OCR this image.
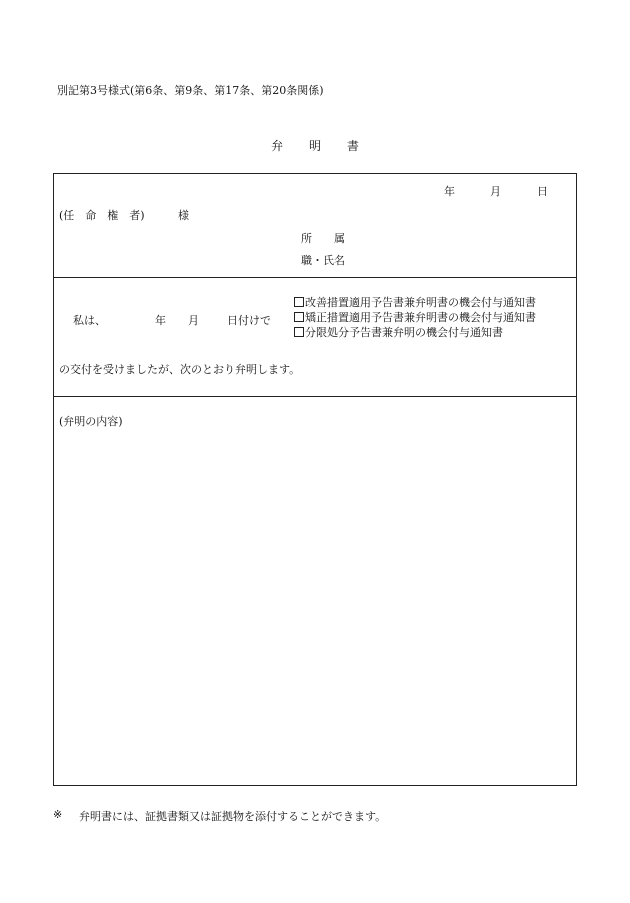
別記第3号様式(第6条、第9条、第17条、第20条関係)
弁 明 書
年	月	日
(任　命　権　者)	様
所　　属
職・氏名
私は、	年 月	日付けで
改善措置適用予告書兼弁明書の機会付与通知書
矯正措置適用予告書兼弁明書の機会付与通知書
分限処分予告書兼弁明の機会付与通知書
の交付を受けましたが、次のとおり弁明します。
(弁明の内容)
※ 弁明書には、証拠書類又は証拠物を添付することができます。
